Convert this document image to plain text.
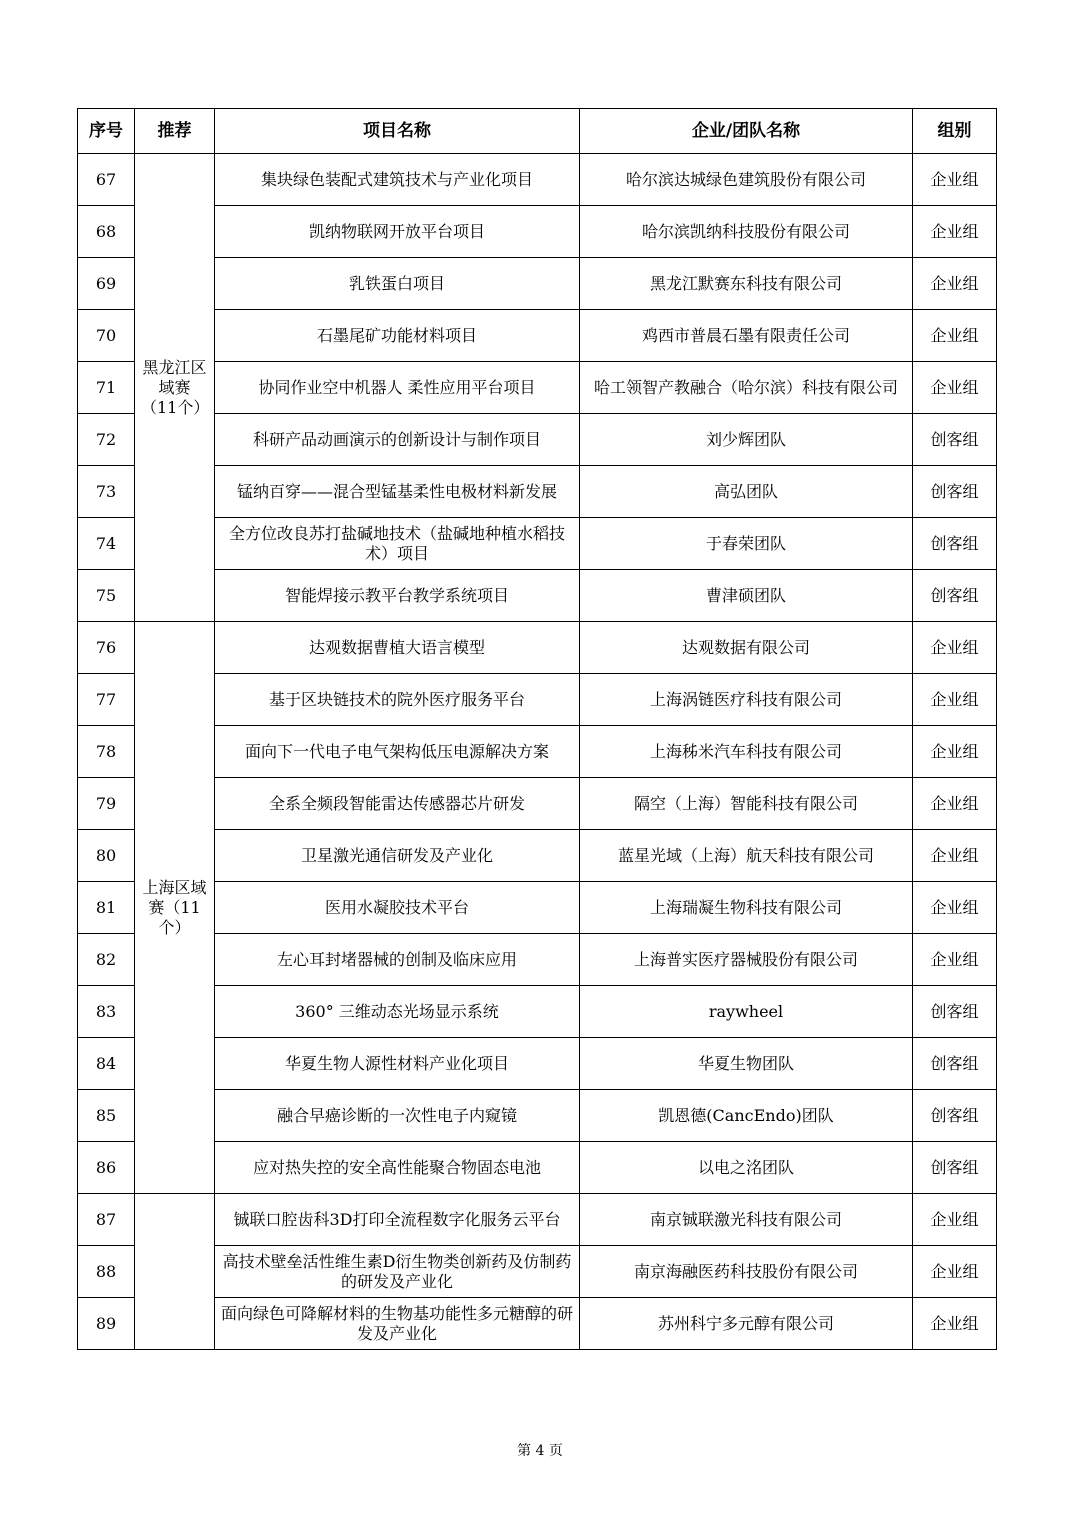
序号	推荐	项目名称	企业/团队名称	组别
67	黑龙江区域赛（11个）	集块绿色装配式建筑技术与产业化项目	哈尔滨达城绿色建筑股份有限公司	企业组
68		凯纳物联网开放平台项目	哈尔滨凯纳科技股份有限公司	企业组
69		乳铁蛋白项目	黑龙江默赛东科技有限公司	企业组
70		石墨尾矿功能材料项目	鸡西市普晨石墨有限责任公司	企业组
71		协同作业空中机器人 柔性应用平台项目	哈工领智产教融合（哈尔滨）科技有限公司	企业组
72		科研产品动画演示的创新设计与制作项目	刘少辉团队	创客组
73		锰纳百穿——混合型锰基柔性电极材料新发展	高弘团队	创客组
74		全方位改良苏打盐碱地技术（盐碱地种植水稻技术）项目	于春荣团队	创客组
75		智能焊接示教平台教学系统项目	曹津硕团队	创客组
76	上海区域赛（11个）	达观数据曹植大语言模型	达观数据有限公司	企业组
77		基于区块链技术的院外医疗服务平台	上海涡链医疗科技有限公司	企业组
78		面向下一代电子电气架构低压电源解决方案	上海秭米汽车科技有限公司	企业组
79		全系全频段智能雷达传感器芯片研发	隔空（上海）智能科技有限公司	企业组
80		卫星激光通信研发及产业化	蓝星光域（上海）航天科技有限公司	企业组
81		医用水凝胶技术平台	上海瑞凝生物科技有限公司	企业组
82		左心耳封堵器械的创制及临床应用	上海普实医疗器械股份有限公司	企业组
83		360° 三维动态光场显示系统	raywheel	创客组
84		华夏生物人源性材料产业化项目	华夏生物团队	创客组
85		融合早癌诊断的一次性电子内窥镜	凯恩德(CancEndo)团队	创客组
86		应对热失控的安全高性能聚合物固态电池	以电之洺团队	创客组
87		铖联口腔齿科3D打印全流程数字化服务云平台	南京铖联激光科技有限公司	企业组
88		高技术壁垒活性维生素D衍生物类创新药及仿制药的研发及产业化	南京海融医药科技股份有限公司	企业组
89		面向绿色可降解材料的生物基功能性多元糖醇的研发及产业化	苏州科宁多元醇有限公司	企业组
第 4 页
